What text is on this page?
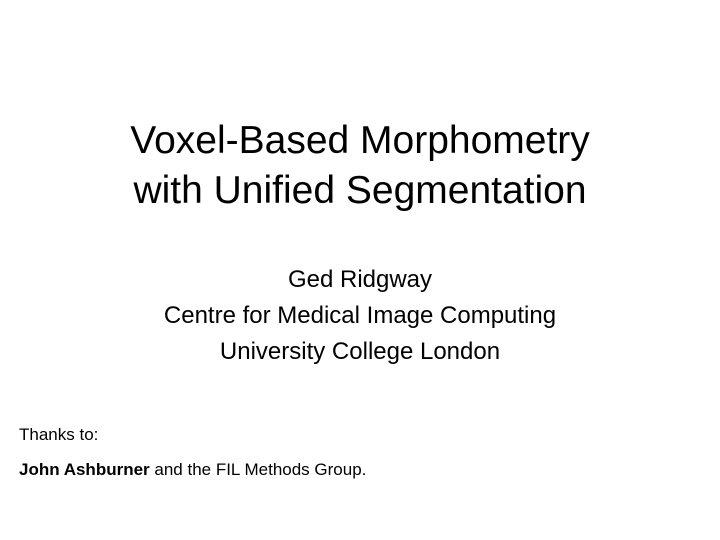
Voxel-Based Morphometry
with Unified Segmentation
Ged Ridgway
Centre for Medical Image Computing
University College London
Thanks to:
John Ashburner and the FIL Methods Group.
